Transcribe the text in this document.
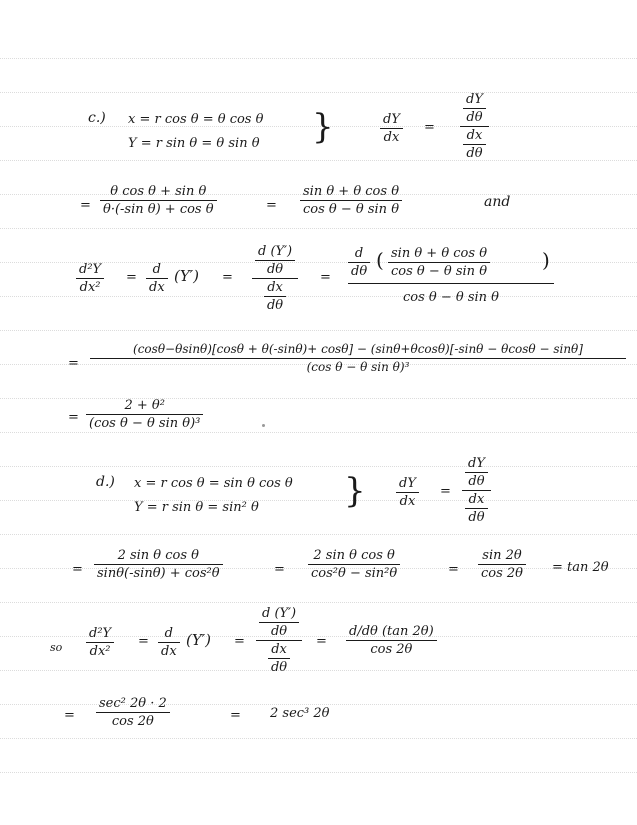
c.) x = r cos θ = θ cos θ
Y = r sin θ = θ sin θ }	$\frac{dY}{dx} = \frac{\frac{dY}{d\theta}}{\frac{dx}{d\theta}}$
= $\frac{\text{θ cos θ + sin θ}}{\text{θ·(-sin θ) + cos θ}}$	= $\frac{\text{sin θ + θ cos θ}}{\text{cos θ − θ sin θ}}$	and
$\frac{\text{d²Y}}{\text{dx²}} = \frac{d}{dx} (Y') = \frac{\frac{d (Y')}{d\theta}}{\frac{dx}{d\theta}} = \frac{d}{d\theta}$ ( $\frac{\text{sin θ + θ cos θ}}{\text{cos θ − θ sin θ}}$	)
cos θ − θ sin θ
=
(cosθ−θsinθ)[cosθ + θ(-sinθ)+ cosθ] − (sinθ+θcosθ)[-sinθ − θcosθ − sinθ]
(cos θ − θ sin θ)³
= $\frac{\text{2 + θ²}}{\text{(cos θ − θ sin θ)³}}$
d.) x = r cos θ = sin θ cos θ
Y = r sin θ = sin² θ	} $\frac{dY}{dx} = \frac{\frac{dY}{d\theta}}{\frac{dx}{d\theta}}$
= $\frac{\text{2 sin θ cos θ}}{\text{sinθ(-sinθ) + cos²θ}}$	= $\frac{\text{2 sin θ cos θ}}{\text{cos²θ − sin²θ}}$	= $\frac{\sin 2\theta}{\cos 2\theta} = \tan 2\theta$
so $\frac{\text{d²Y}}{\text{dx²}} = \frac{d}{dx} (Y') = \frac{\frac{d (Y')}{d\theta}}{\frac{dx}{d\theta}} = \frac{d/d\theta (\tan 2\theta)}{\cos 2\theta}$
=
sec² 2θ · 2
cos 2θ	= 2 sec³ 2θ
